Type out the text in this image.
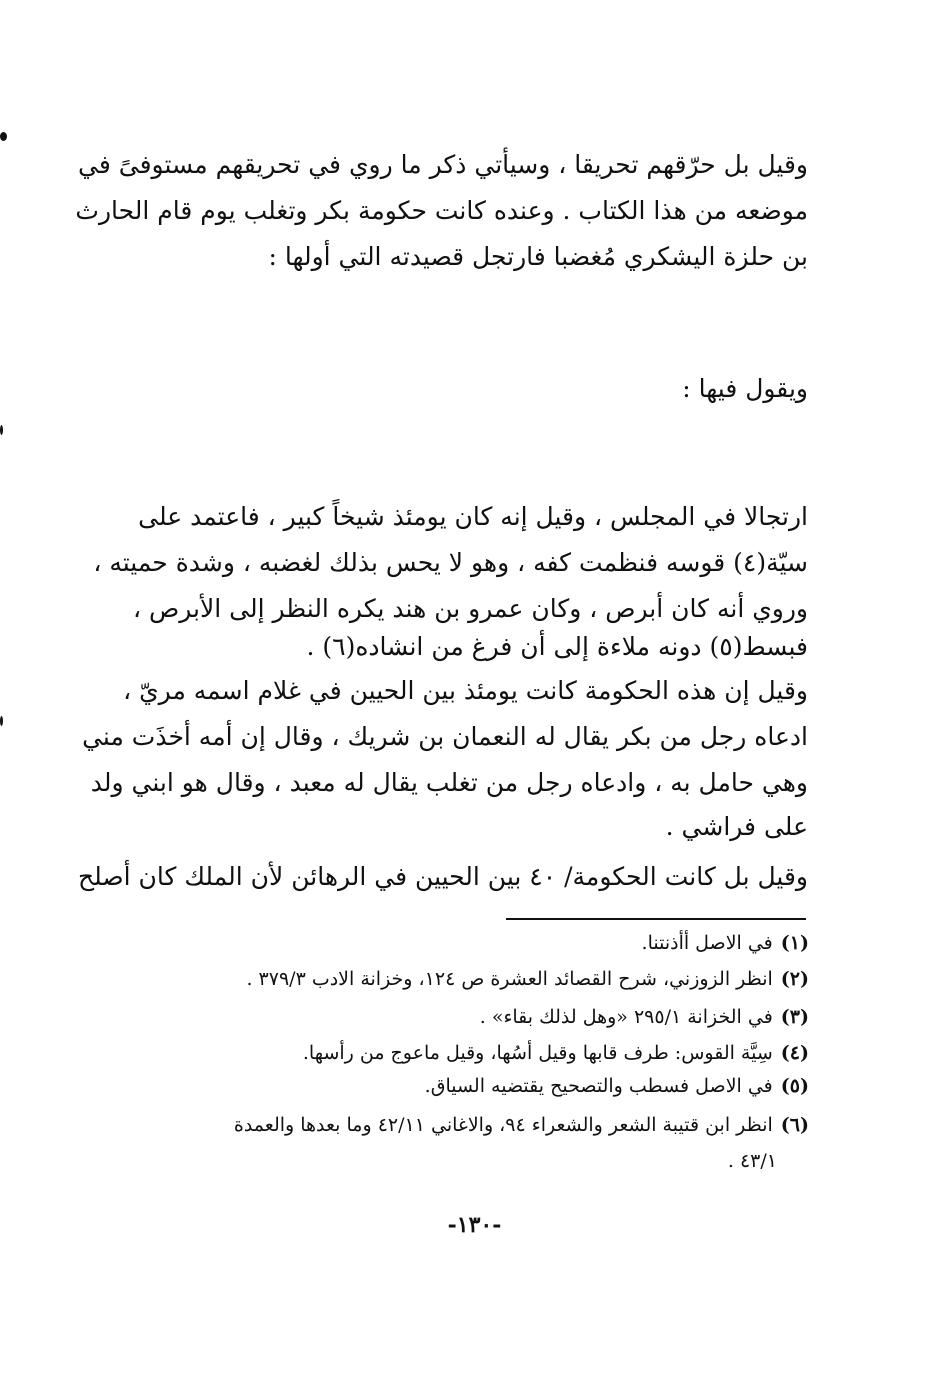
وقيل بل حرّقهم تحريقا ، وسيأتي ذكر ما روي في تحريقهم مستوفىً في
موضعه من هذا الكتاب . وعنده كانت حكومة بكر وتغلب يوم قام الحارث
بن حلزة اليشكري مُغضبا فارتجل قصيدته التي أولها :
ويقول فيها :
ارتجالا في المجلس ، وقيل إنه كان يومئذ شيخاً كبير ، فاعتمد على
سيّة(٤) قوسه فنظمت كفه ، وهو لا يحس بذلك لغضبه ، وشدة حميته ،
وروي أنه كان أبرص ، وكان عمرو بن هند يكره النظر إلى الأبرص ،
فبسط(٥) دونه ملاءة إلى أن فرغ من انشاده(٦) .
وقيل إن هذه الحكومة كانت يومئذ بين الحيين في غلام اسمه مريّ ،
ادعاه رجل من بكر يقال له النعمان بن شريك ، وقال إن أمه أخذَت مني
وهي حامل به ، وادعاه رجل من تغلب يقال له معبد ، وقال هو ابني ولد
على فراشي .
وقيل بل كانت الحكومة/ ٤٠ بين الحيين في الرهائن لأن الملك كان أصلح
(١)في الاصل أأذنتنا.
(٢)انظر الزوزني، شرح القصائد العشرة ص ١٢٤، وخزانة الادب ٣٧٩/٣ .
(٣)في الخزانة ٢٩٥/١ «وهل لذلك بقاء» .
(٤)سِيَّة القوس: طرف قابها وقيل أسُها، وقيل ماعوج من رأسها.
(٥)في الاصل فسطب والتصحيح يقتضيه السياق.
(٦)انظر ابن قتيبة الشعر والشعراء ٩٤، والاغاني ٤٢/١١ وما بعدها والعمدة
٤٣/١ .
-١٣٠-
